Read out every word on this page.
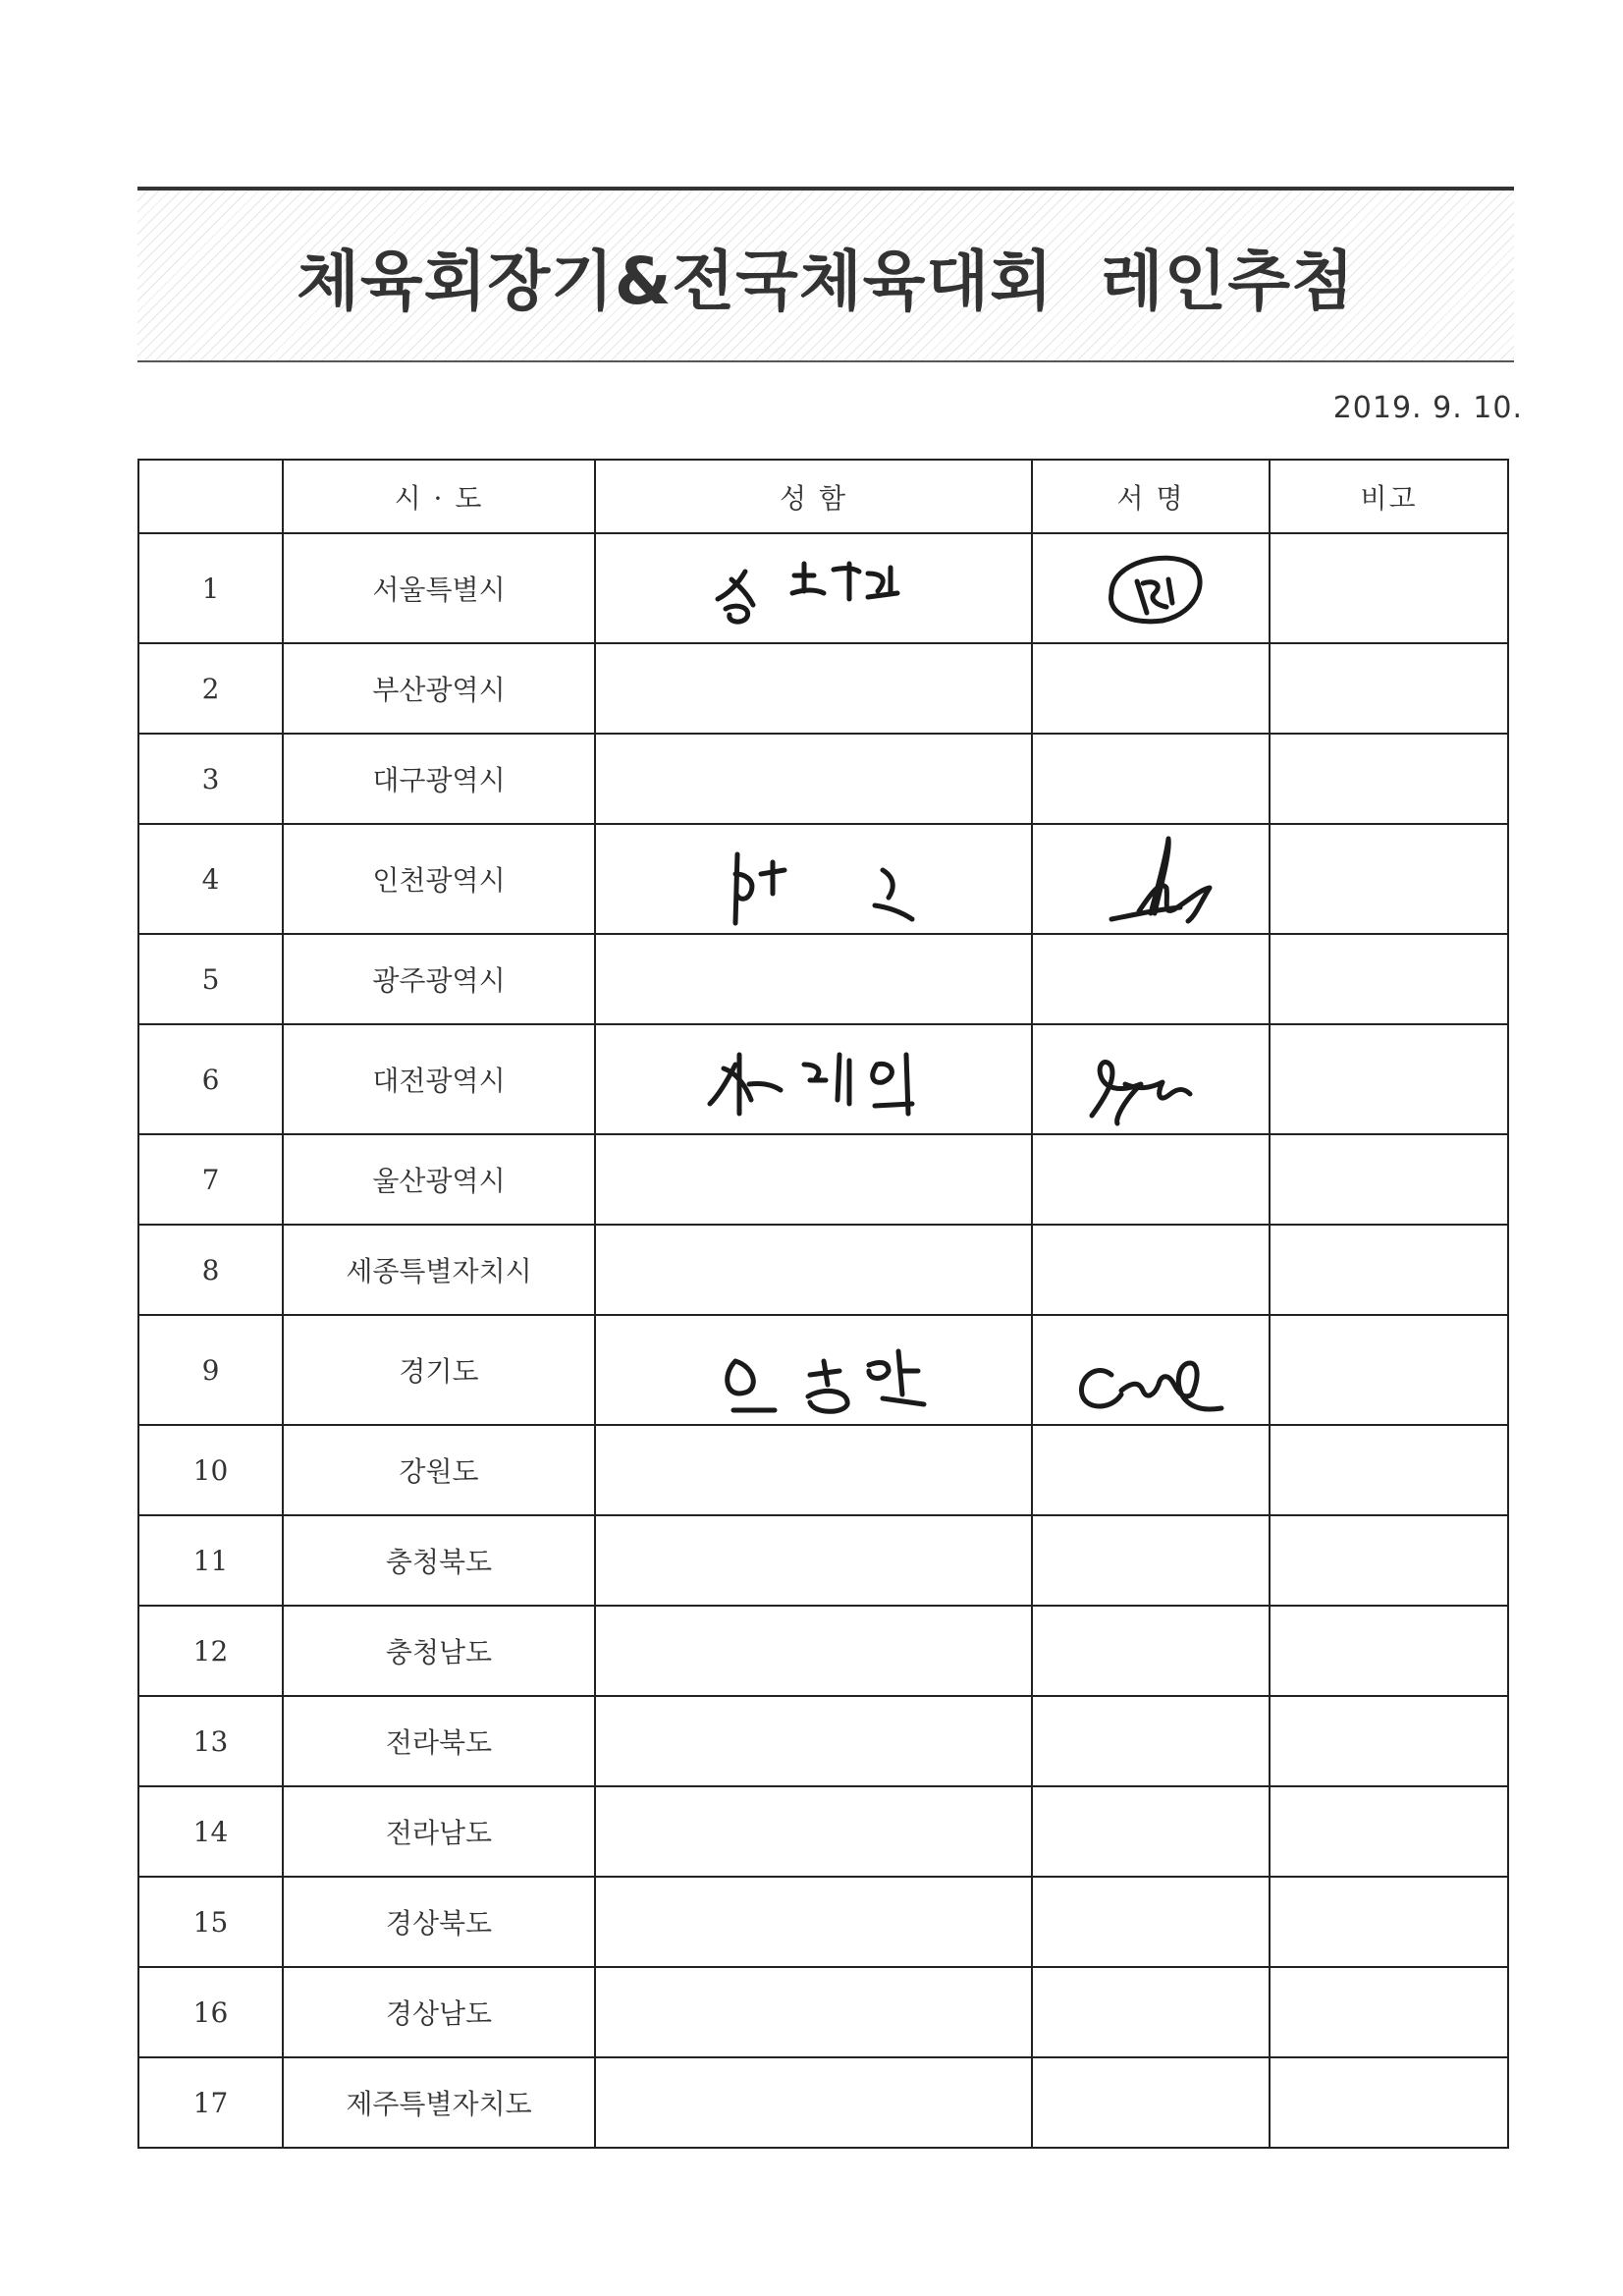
체육회장기&전국체육대회  레인추첨
2019. 9. 10.
	시 · 도	성 함	서 명	비고
1	서울특별시	

2	부산광역시			
3	대구광역시			
4	인천광역시	

5	광주광역시			
6	대전광역시	

7	울산광역시			
8	세종특별자치시			
9	경기도	

10	강원도			
11	충청북도			
12	충청남도			
13	전라북도			
14	전라남도			
15	경상북도			
16	경상남도			
17	제주특별자치도			
